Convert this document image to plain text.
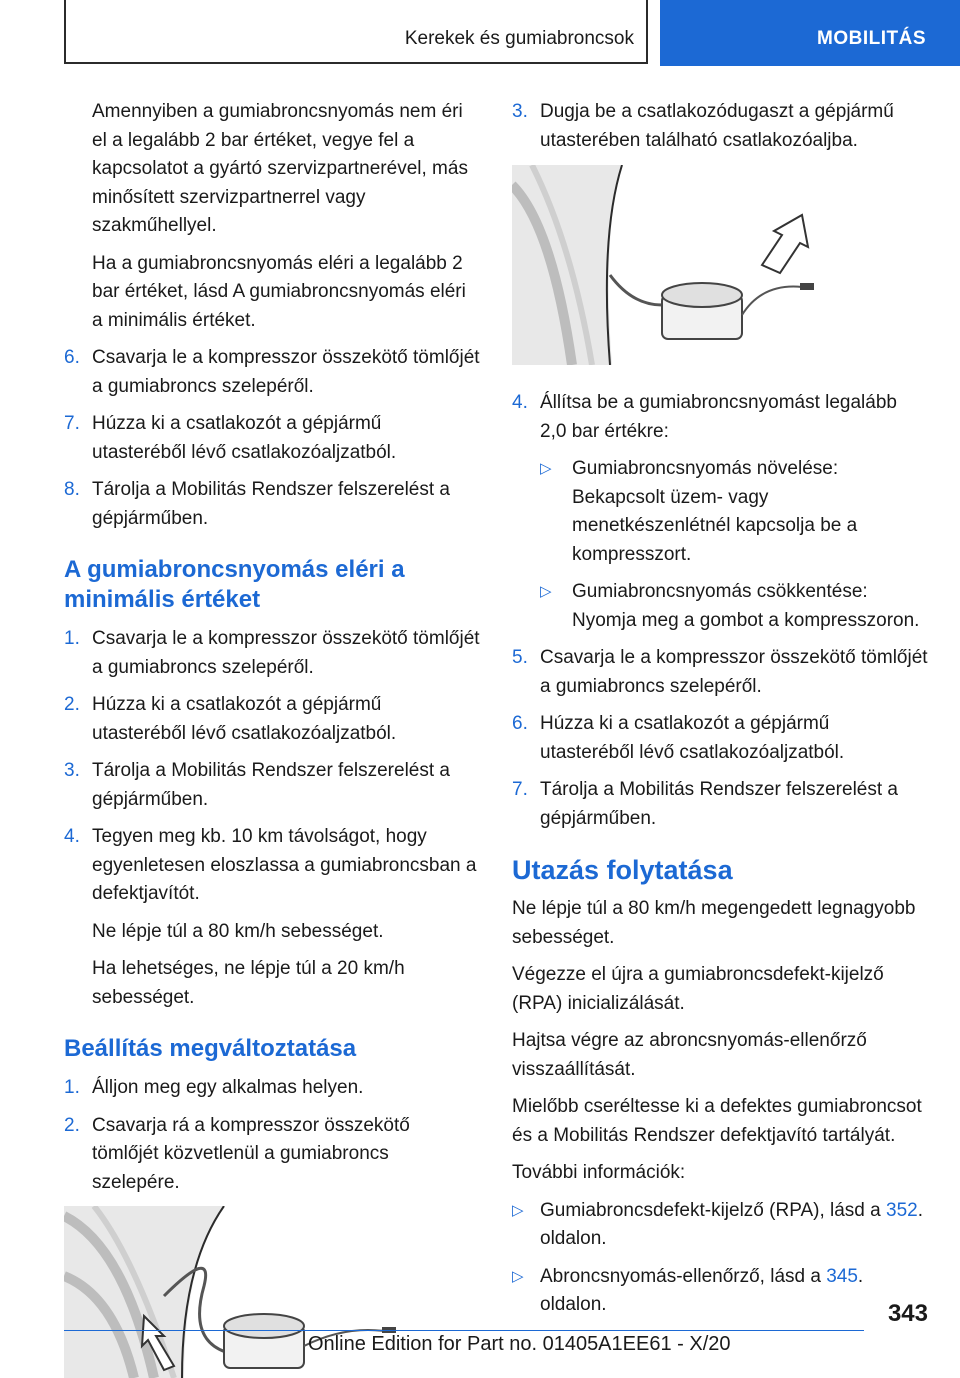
Kerekek és gumiabroncsok	MOBILITÁS

Amennyiben a gumiabroncsnyomás nem éri el a legalább 2 bar értéket, vegye fel a kapcsolatot a gyártó szervizpartnerével, más minősített szervizpartnerrel vagy szakműhellyel.

Ha a gumiabroncsnyomás eléri a legalább 2 bar értéket, lásd A gumiabroncsnyomás eléri a minimális értéket.

6. Csavarja le a kompresszor összekötő tömlőjét a gumiabroncs szelepéről.
7. Húzza ki a csatlakozót a gépjármű utasteréből lévő csatlakozóaljzatból.
8. Tárolja a Mobilitás Rendszer felszerelést a gépjárműben.
A gumiabroncsnyomás eléri a minimális értéket
1. Csavarja le a kompresszor összekötő tömlőjét a gumiabroncs szelepéről.
2. Húzza ki a csatlakozót a gépjármű utasteréből lévő csatlakozóaljzatból.
3. Tárolja a Mobilitás Rendszer felszerelést a gépjárműben.
4. Tegyen meg kb. 10 km távolságot, hogy egyenletesen eloszlassa a gumiabroncsban a defektjavítót.

Ne lépje túl a 80 km/h sebességet.

Ha lehetséges, ne lépje túl a 20 km/h sebességet.

Beállítás megváltoztatása
1. Álljon meg egy alkalmas helyen.
2. Csavarja rá a kompresszor összekötő tömlőjét közvetlenül a gumiabroncs szelepére.
3. Dugja be a csatlakozódugaszt a gépjármű utasterében található csatlakozóaljba.
4. Állítsa be a gumiabroncsnyomást legalább 2,0 bar értékre:
▷ Gumiabroncsnyomás növelése: Bekapcsolt üzem- vagy menetkészenlétnél kapcsolja be a kompresszort.
▷ Gumiabroncsnyomás csökkentése: Nyomja meg a gombot a kompresszoron.
5. Csavarja le a kompresszor összekötő tömlőjét a gumiabroncs szelepéről.
6. Húzza ki a csatlakozót a gépjármű utasteréből lévő csatlakozóaljzatból.
7. Tárolja a Mobilitás Rendszer felszerelést a gépjárműben.
Utazás folytatása

Ne lépje túl a 80 km/h megengedett legnagyobb sebességet.

Végezze el újra a gumiabroncsdefekt-kijelző (RPA) inicializálását.

Hajtsa végre az abroncsnyomás-ellenőrző visszaállítását.

Mielőbb cseréltesse ki a defektes gumiabroncsot és a Mobilitás Rendszer defektjavító tartályát.

További információk:

▷ Gumiabroncsdefekt-kijelző (RPA), lásd a 352. oldalon.
▷ Abroncsnyomás-ellenőrző, lásd a 345. oldalon.	343
Online Edition for Part no. 01405A1EE61 - X/20
